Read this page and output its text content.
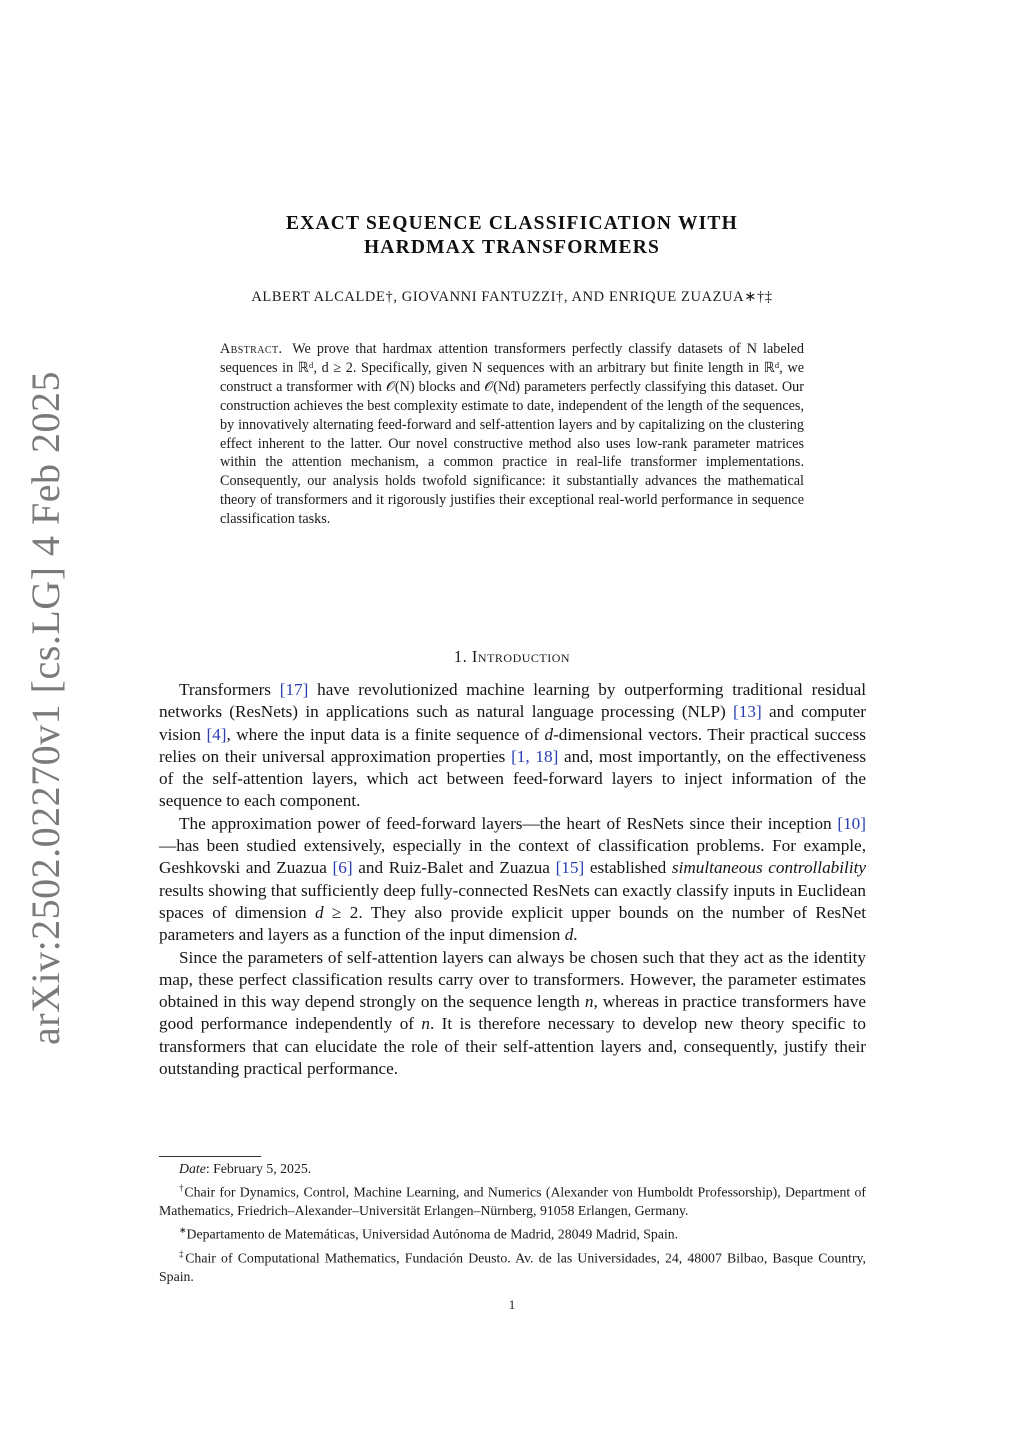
arXiv:2502.02270v1 [cs.LG] 4 Feb 2025
EXACT SEQUENCE CLASSIFICATION WITH
HARDMAX TRANSFORMERS
ALBERT ALCALDE†, GIOVANNI FANTUZZI†, AND ENRIQUE ZUAZUA∗†‡
Abstract. We prove that hardmax attention transformers perfectly classify datasets of N labeled sequences in ℝᵈ, d ≥ 2. Specifically, given N sequences with an arbitrary but finite length in ℝᵈ, we construct a transformer with 𝒪(N) blocks and 𝒪(Nd) parameters perfectly classifying this dataset. Our construction achieves the best complexity estimate to date, independent of the length of the sequences, by innovatively alternating feed-forward and self-attention layers and by capitalizing on the clustering effect inherent to the latter. Our novel constructive method also uses low-rank parameter matrices within the attention mechanism, a common practice in real-life transformer implementations. Consequently, our analysis holds twofold significance: it substantially advances the mathematical theory of transformers and it rigorously justifies their exceptional real-world performance in sequence classification tasks.
1. Introduction

Transformers [17] have revolutionized machine learning by outperforming traditional residual networks (ResNets) in applications such as natural language processing (NLP) [13] and computer vision [4], where the input data is a finite sequence of d-dimensional vectors. Their practical success relies on their universal approximation properties [1, 18] and, most importantly, on the effectiveness of the self-attention layers, which act between feed-forward layers to inject information of the sequence to each component.

The approximation power of feed-forward layers—the heart of ResNets since their inception [10]—has been studied extensively, especially in the context of classification problems. For example, Geshkovski and Zuazua [6] and Ruiz-Balet and Zuazua [15] established simultaneous controllability results showing that sufficiently deep fully-connected ResNets can exactly classify inputs in Euclidean spaces of dimension d ≥ 2. They also provide explicit upper bounds on the number of ResNet parameters and layers as a function of the input dimension d.

Since the parameters of self-attention layers can always be chosen such that they act as the identity map, these perfect classification results carry over to transformers. However, the parameter estimates obtained in this way depend strongly on the sequence length n, whereas in practice transformers have good performance independently of n. It is therefore necessary to develop new theory specific to transformers that can elucidate the role of their self-attention layers and, consequently, justify their outstanding practical performance.

Date: February 5, 2025.

†Chair for Dynamics, Control, Machine Learning, and Numerics (Alexander von Humboldt Professorship), Department of Mathematics, Friedrich–Alexander–Universität Erlangen–Nürnberg, 91058 Erlangen, Germany.

∗Departamento de Matemáticas, Universidad Autónoma de Madrid, 28049 Madrid, Spain.

‡Chair of Computational Mathematics, Fundación Deusto. Av. de las Universidades, 24, 48007 Bilbao, Basque Country, Spain.

1
